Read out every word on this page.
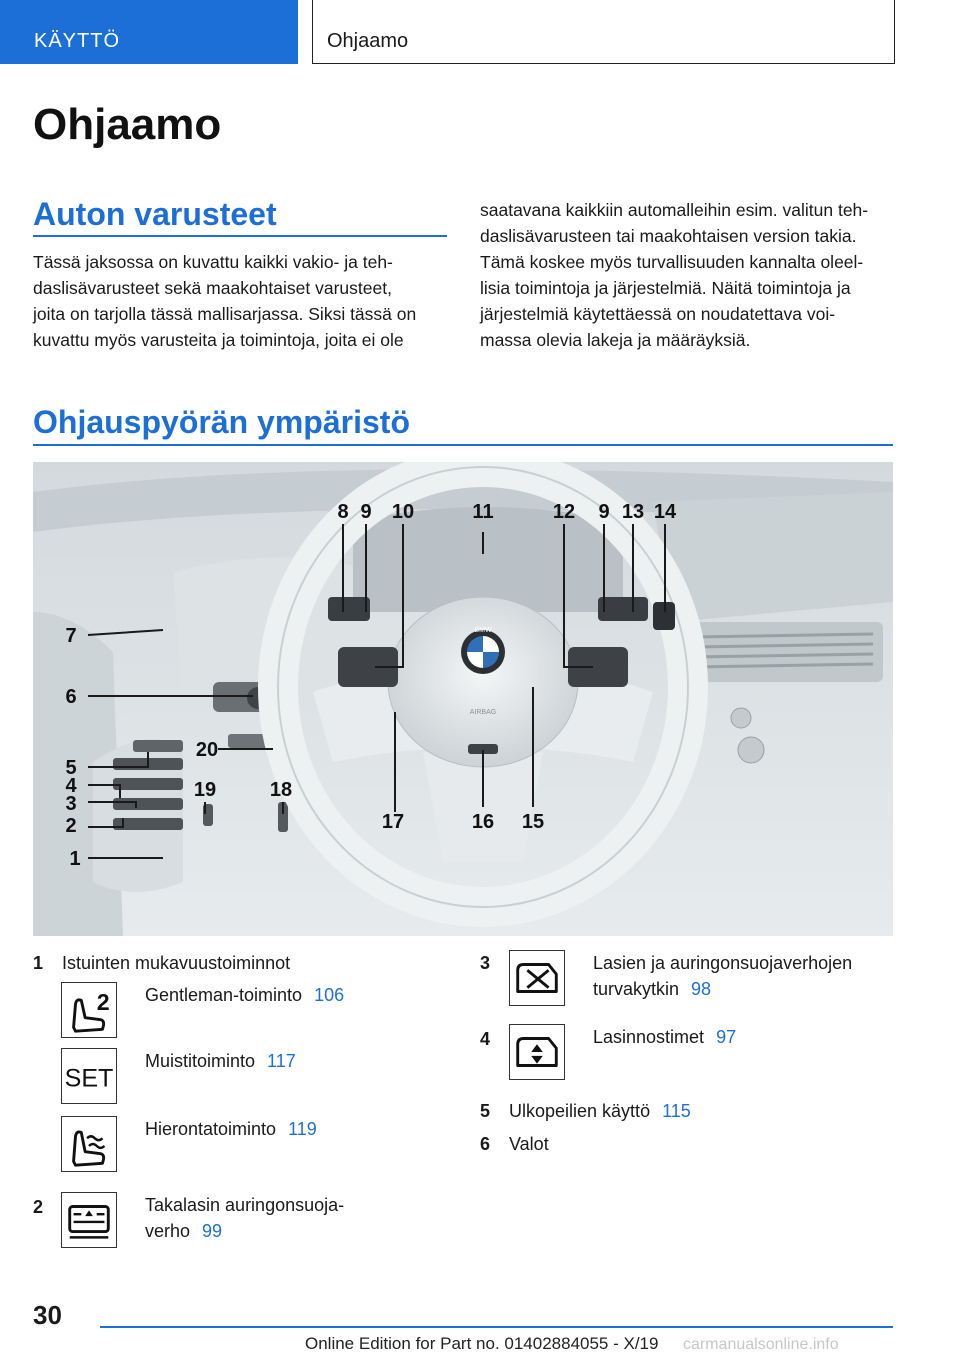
KÄYTTÖ	Ohjaamo
Ohjaamo
Auton varusteet
Tässä jaksossa on kuvattu kaikki vakio- ja teh-
daslisävarusteet sekä maakohtaiset varusteet,
joita on tarjolla tässä mallisarjassa. Siksi tässä on
kuvattu myös varusteita ja toimintoja, joita ei ole
saatavana kaikkiin automalleihin esim. valitun teh-
daslisävarusteen tai maakohtaisen version takia.
Tämä koskee myös turvallisuuden kannalta oleel-
lisia toimintoja ja järjestelmiä. Näitä toimintoja ja
järjestelmiä käytettäessä on noudatettava voi-
massa olevia lakeja ja määräyksiä.
Ohjauspyörän ympäristö
BMW
AIRBAG
8 9 10	11	12 9 13 14
7
6
20
5
4
3
2
1
19	18
17	16 15
1 Istuinten mukavuustoiminnot
2 Gentleman-toiminto 106
SET
Muistitoiminto 117
Hierontatoiminto 119
2	Takalasin auringonsuoja-
verho 99
3	Lasien ja auringonsuojaverhojen
turvakytkin 98
4	Lasinnostimet 97
5 Ulkopeilien käyttö 115
6 Valot
30
Online Edition for Part no. 01402884055 - X/19 carmanualsonline.info
